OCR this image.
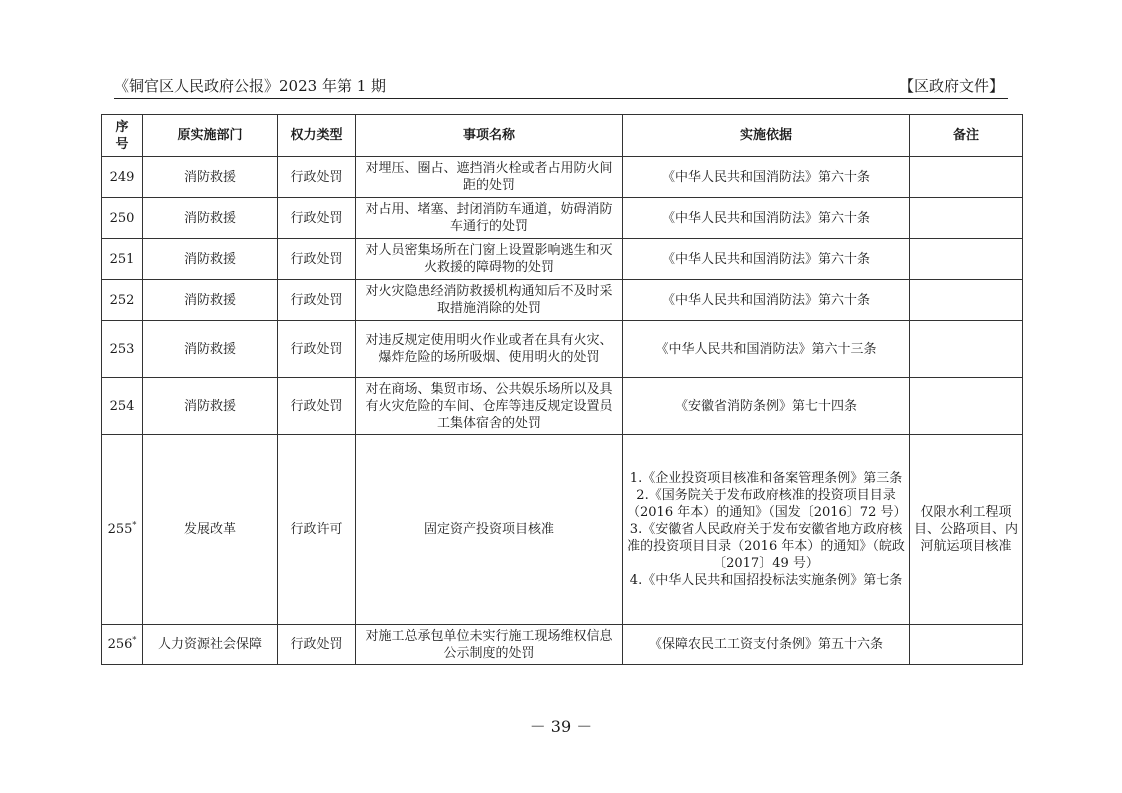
《铜官区人民政府公报》2023 年第 1 期	【区政府文件】
序号	原实施部门	权力类型	事项名称	实施依据	备注
249	消防救援	行政处罚	对埋压、圈占、遮挡消火栓或者占用防火间距的处罚	《中华人民共和国消防法》第六十条	

250	消防救援	行政处罚	对占用、堵塞、封闭消防车通道，妨碍消防车通行的处罚	《中华人民共和国消防法》第六十条	

251	消防救援	行政处罚	对人员密集场所在门窗上设置影响逃生和灭火救援的障碍物的处罚	《中华人民共和国消防法》第六十条	

252	消防救援	行政处罚	对火灾隐患经消防救援机构通知后不及时采取措施消除的处罚	《中华人民共和国消防法》第六十条	

253	消防救援	行政处罚	对违反规定使用明火作业或者在具有火灾、爆炸危险的场所吸烟、使用明火的处罚	《中华人民共和国消防法》第六十三条	

254	消防救援	行政处罚	对在商场、集贸市场、公共娱乐场所以及具有火灾危险的车间、仓库等违反规定设置员工集体宿舍的处罚	《安徽省消防条例》第七十四条	

255*	发展改革	行政许可	固定资产投资项目核准	1.《企业投资项目核准和备案管理条例》第三条
2.《国务院关于发布政府核准的投资项目目录（2016 年本）的通知》（国发〔2016〕72 号）
3.《安徽省人民政府关于发布安徽省地方政府核准的投资项目目录（2016 年本）的通知》（皖政〔2017〕49 号）
4.《中华人民共和国招投标法实施条例》第七条	仅限水利工程项目、公路项目、内河航运项目核准
256*	人力资源社会保障	行政处罚	对施工总承包单位未实行施工现场维权信息公示制度的处罚	《保障农民工工资支付条例》第五十六条	

－ 39 －
